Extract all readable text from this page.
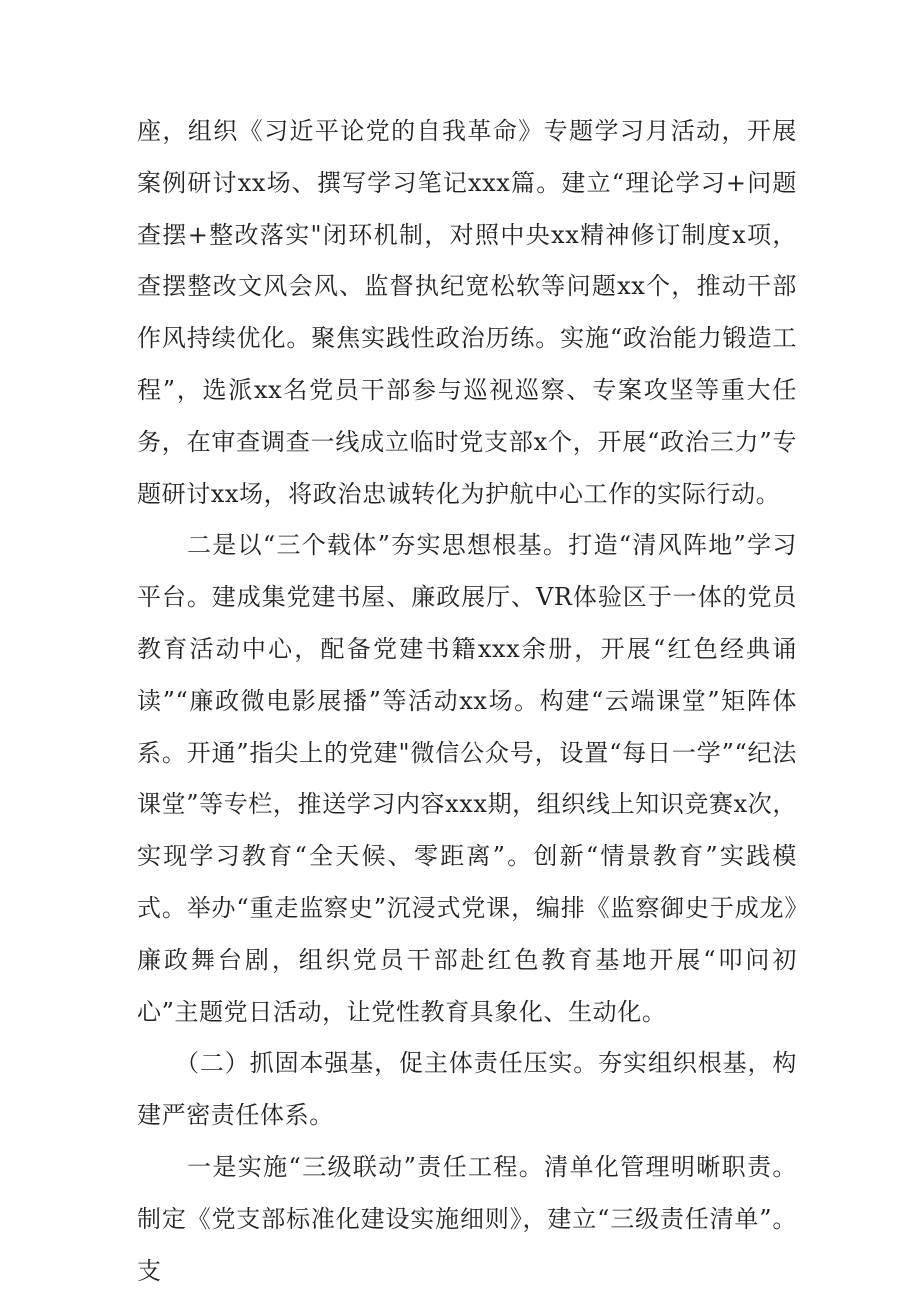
座，组织《习近平论党的自我革命》专题学习月活动，开展案例研讨xx场、撰写学习笔记xxx篇。建立“理论学习+问题查摆+整改落实"闭环机制，对照中央xx精神修订制度x项，查摆整改文风会风、监督执纪宽松软等问题xx个，推动干部作风持续优化。聚焦实践性政治历练。实施“政治能力锻造工程”，选派xx名党员干部参与巡视巡察、专案攻坚等重大任务，在审查调查一线成立临时党支部x个，开展“政治三力”专题研讨xx场，将政治忠诚转化为护航中心工作的实际行动。

二是以“三个载体”夯实思想根基。打造“清风阵地”学习平台。建成集党建书屋、廉政展厅、VR体验区于一体的党员教育活动中心，配备党建书籍xxx余册，开展“红色经典诵读”“廉政微电影展播”等活动xx场。构建“云端课堂”矩阵体系。开通”指尖上的党建"微信公众号，设置“每日一学”“纪法课堂”等专栏，推送学习内容xxx期，组织线上知识竞赛x次，实现学习教育“全天候、零距离”。创新“情景教育”实践模式。举办“重走监察史”沉浸式党课，编排《监察御史于成龙》廉政舞台剧，组织党员干部赴红色教育基地开展“叩问初心”主题党日活动，让党性教育具象化、生动化。

（二）抓固本强基，促主体责任压实。夯实组织根基，构建严密责任体系。

一是实施“三级联动”责任工程。清单化管理明晰职责。制定《党支部标准化建设实施细则》，建立“三级责任清单”。支
